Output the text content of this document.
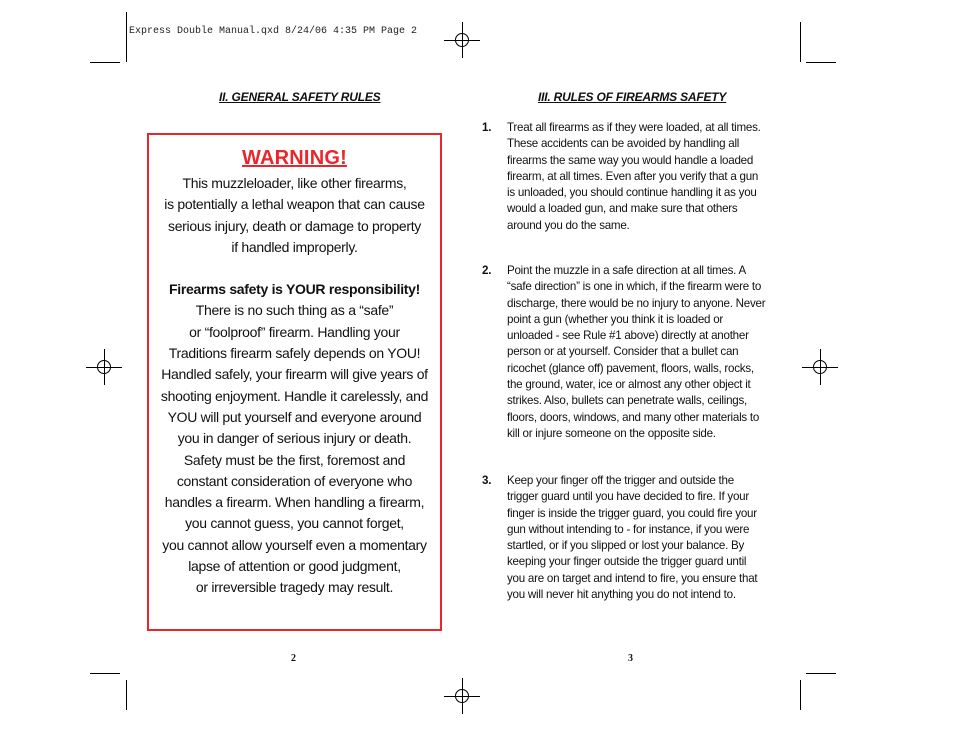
Express Double Manual.qxd 8/24/06 4:35 PM Page 2
II. GENERAL SAFETY RULES
WARNING!

This muzzleloader, like other firearms,

is potentially a lethal weapon that can cause

serious injury, death or damage to property

if handled improperly.

Firearms safety is YOUR responsibility!

There is no such thing as a “safe”

or “foolproof” firearm. Handling your

Traditions firearm safely depends on YOU!

Handled safely, your firearm will give years of

shooting enjoyment. Handle it carelessly, and

YOU will put yourself and everyone around

you in danger of serious injury or death.

Safety must be the first, foremost and

constant consideration of everyone who

handles a firearm. When handling a firearm,

you cannot guess, you cannot forget,

you cannot allow yourself even a momentary

lapse of attention or good judgment,

or irreversible tragedy may result.

2
III. RULES OF FIREARMS SAFETY
1. Treat all firearms as if they were loaded, at all times.
These accidents can be avoided by handling all
firearms the same way you would handle a loaded
firearm, at all times. Even after you verify that a gun
is unloaded, you should continue handling it as you
would a loaded gun, and make sure that others
around you do the same.
2. Point the muzzle in a safe direction at all times. A
“safe direction” is one in which, if the firearm were to
discharge, there would be no injury to anyone. Never
point a gun (whether you think it is loaded or
unloaded - see Rule #1 above) directly at another
person or at yourself. Consider that a bullet can
ricochet (glance off) pavement, floors, walls, rocks,
the ground, water, ice or almost any other object it
strikes. Also, bullets can penetrate walls, ceilings,
floors, doors, windows, and many other materials to
kill or injure someone on the opposite side.
3. Keep your finger off the trigger and outside the
trigger guard until you have decided to fire. If your
finger is inside the trigger guard, you could fire your
gun without intending to - for instance, if you were
startled, or if you slipped or lost your balance. By
keeping your finger outside the trigger guard until
you are on target and intend to fire, you ensure that
you will never hit anything you do not intend to.
3
